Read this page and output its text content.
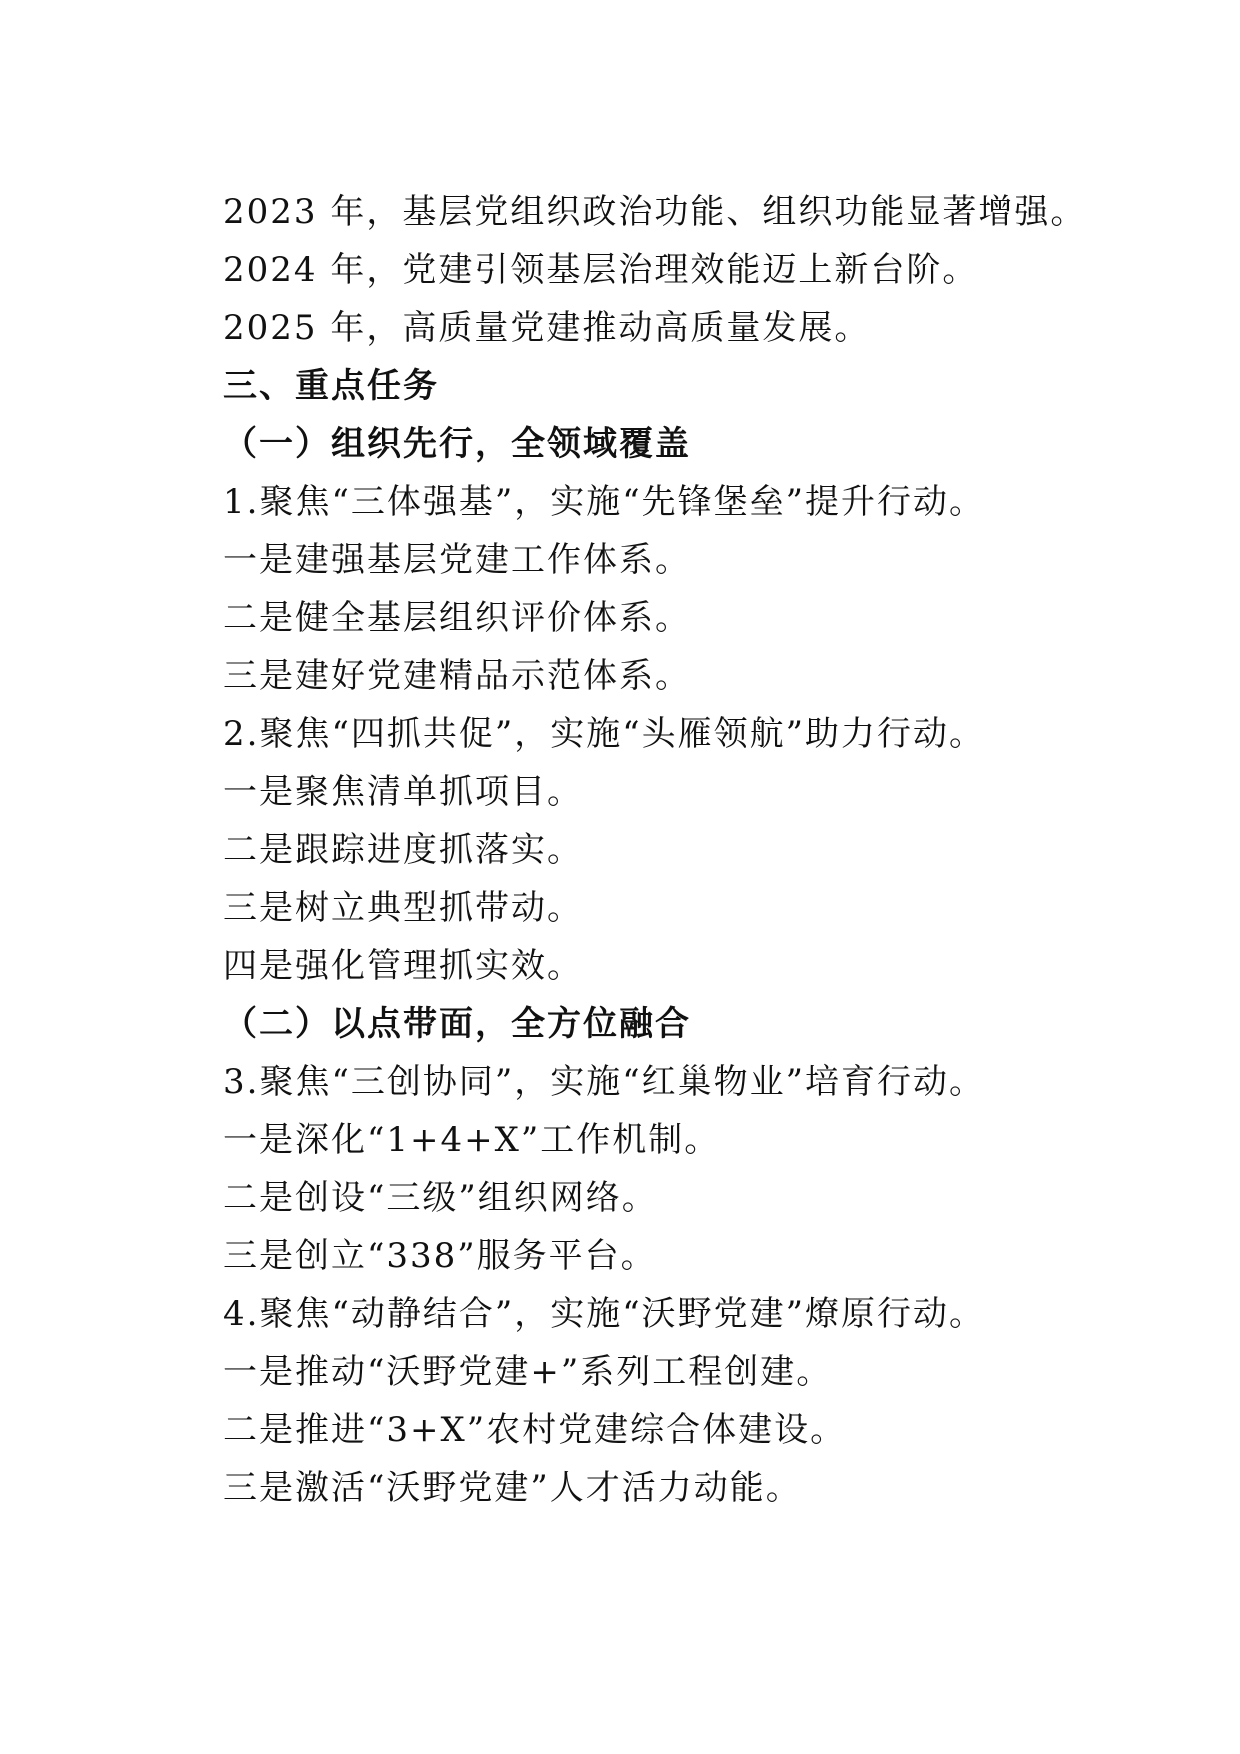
2023 年，基层党组织政治功能、组织功能显著增强。
2024 年，党建引领基层治理效能迈上新台阶。
2025 年，高质量党建推动高质量发展。
三、重点任务
（一）组织先行，全领域覆盖
1.聚焦“三体强基”，实施“先锋堡垒”提升行动。
一是建强基层党建工作体系。
二是健全基层组织评价体系。
三是建好党建精品示范体系。
2.聚焦“四抓共促”，实施“头雁领航”助力行动。
一是聚焦清单抓项目。
二是跟踪进度抓落实。
三是树立典型抓带动。
四是强化管理抓实效。
（二）以点带面，全方位融合
3.聚焦“三创协同”，实施“红巢物业”培育行动。
一是深化“1+4+X”工作机制。
二是创设“三级”组织网络。
三是创立“338”服务平台。
4.聚焦“动静结合”，实施“沃野党建”燎原行动。
一是推动“沃野党建+”系列工程创建。
二是推进“3+X”农村党建综合体建设。
三是激活“沃野党建”人才活力动能。
